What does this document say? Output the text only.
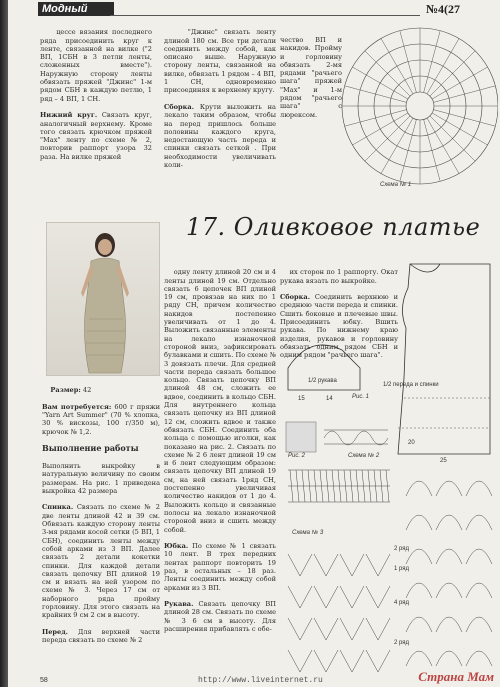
Модный	№4(27

цессе вязания последнего ряда присоединить круг к ленте, связанной на вилке ("2 ВП, 1СБН в 3 петли ленты, сложенных вместе"). Наружную сторону ленты обвязать пряжей "Джинс" 1-м рядом СБН в каждую петлю, 1 ряд – 4 ВП, 1 СН.

Нижний круг. Связать круг, аналогичный верхнему. Кроме того связать крючком пряжей "Мах" ленту по схеме № 2, повторив раппорт узора 32 раза. На вилке пряжей

"Джинс" связать ленту длиной 180 см. Все три детали соединить между собой, как описано выше. Наружную сторону ленты, связанной на вилке, обвязать 1 рядом – 4 ВП, 1 СН, одновременно присоединяя к верхнему кругу.

Сборка. Крути выложить на лекало таким образом, чтобы на перед пришлось больше половины каждого круга, недостающую часть переда и спинки связать сеткой . При необходимости увеличивать коли-

чество ВП и накидов. Пройму и горловину обвязать 2-мя рядами "рачьего шага" пряжей "Мах" и 1-м рядом "рачьего шага" с люрексом.
Схема № 1
17. Оливковое платье

Размер: 42

Вам потребуется: 600 г пряжи "Yarn Art Summer" (70 % хлопка, 30 % вискозы, 100 г/350 м), крючок № 1,2.

Выполнение работы

Выполнить выкройку в натуральную величину по своим размерам. На рис. 1 приведена выкройка 42 размера

Спинка. Связать по схеме № 2 две ленты длиной 42 и 39 см. Обвязать каждую сторону ленты 3-мя рядами косой сетки (5 ВП, 1 СБН), соединить ленты между собой арками из 3 ВП. Далее связать 2 детали кокетки спинки. Для каждой детали связать цепочку ВП длиной 19 см и вязать на ней узором по схеме № 3. Через 17 см от наборного ряда пройму горловину. Для этого связать на крайних 9 см 2 см в высоту.

Перед. Для верхней части переда связать по схеме № 2

одну ленту длиной 20 см и 4 ленты длиной 19 см. Отдельно связать 6 цепочек ВП длиной 19 см, провязав на них по 1 ряду СН, причем количество накидов постепенно увеличивать от 1 до 4. Выложить связанные элементы на лекало изнаночной стороной вниз, зафиксировать булавками и сшить. По схеме № 3 довязать плечи. Для средней части переда связать большое кольцо. Связать цепочку ВП длиной 48 см, сложить ее вдвое, соединить в кольцо СБН. Для внутреннего кольца связать цепочку из ВП длиной 12 см, сложить вдвое и также обвязать СБН. Соединить оба кольца с помощью иголки, как показано на рис. 2. Связать по схеме № 2 6 лент длиной 19 см и 6 лент следующим образом: связать цепочку ВП длиной 19 см, на ней связать 1ряд СН, постепенно увеличивая количество накидов от 1 до 4. Выложить кольцо и связанные полосы на лекало изнаночной стороной вниз и сшить между собой.

Юбка. По схеме № 1 связать 10 лент. В трех передних лентах раппорт повторить 19 раз, в остальных – 18 раз. Ленты соединить между собой арками из 3 ВП.

Рукава. Связать цепочку ВП длиной 28 см. Связать по схеме № 3 6 см в высоту. Для расширения прибавлять с обе-

их сторон по 1 раппорту. Окат рукава вязать по выкройке.

Сборка. Соединить верхнюю и среднюю части переда и спинки. Сшить боковые и плечевые швы. Присоединить юбку. Вшить рукава. По нижнему краю изделия, рукавов и горловину обвязать одним рядом СБН и одним рядом "рачьего шага".

1/2 переда и спинки
1/2 рукава
Рис. 1
15	14
20
25
Рис. 2	Схема № 2
Схема № 3
2 ряд
1 ряд
4 ряд
2 ряд
58	http://www.liveinternet.ru	Страна Мам
